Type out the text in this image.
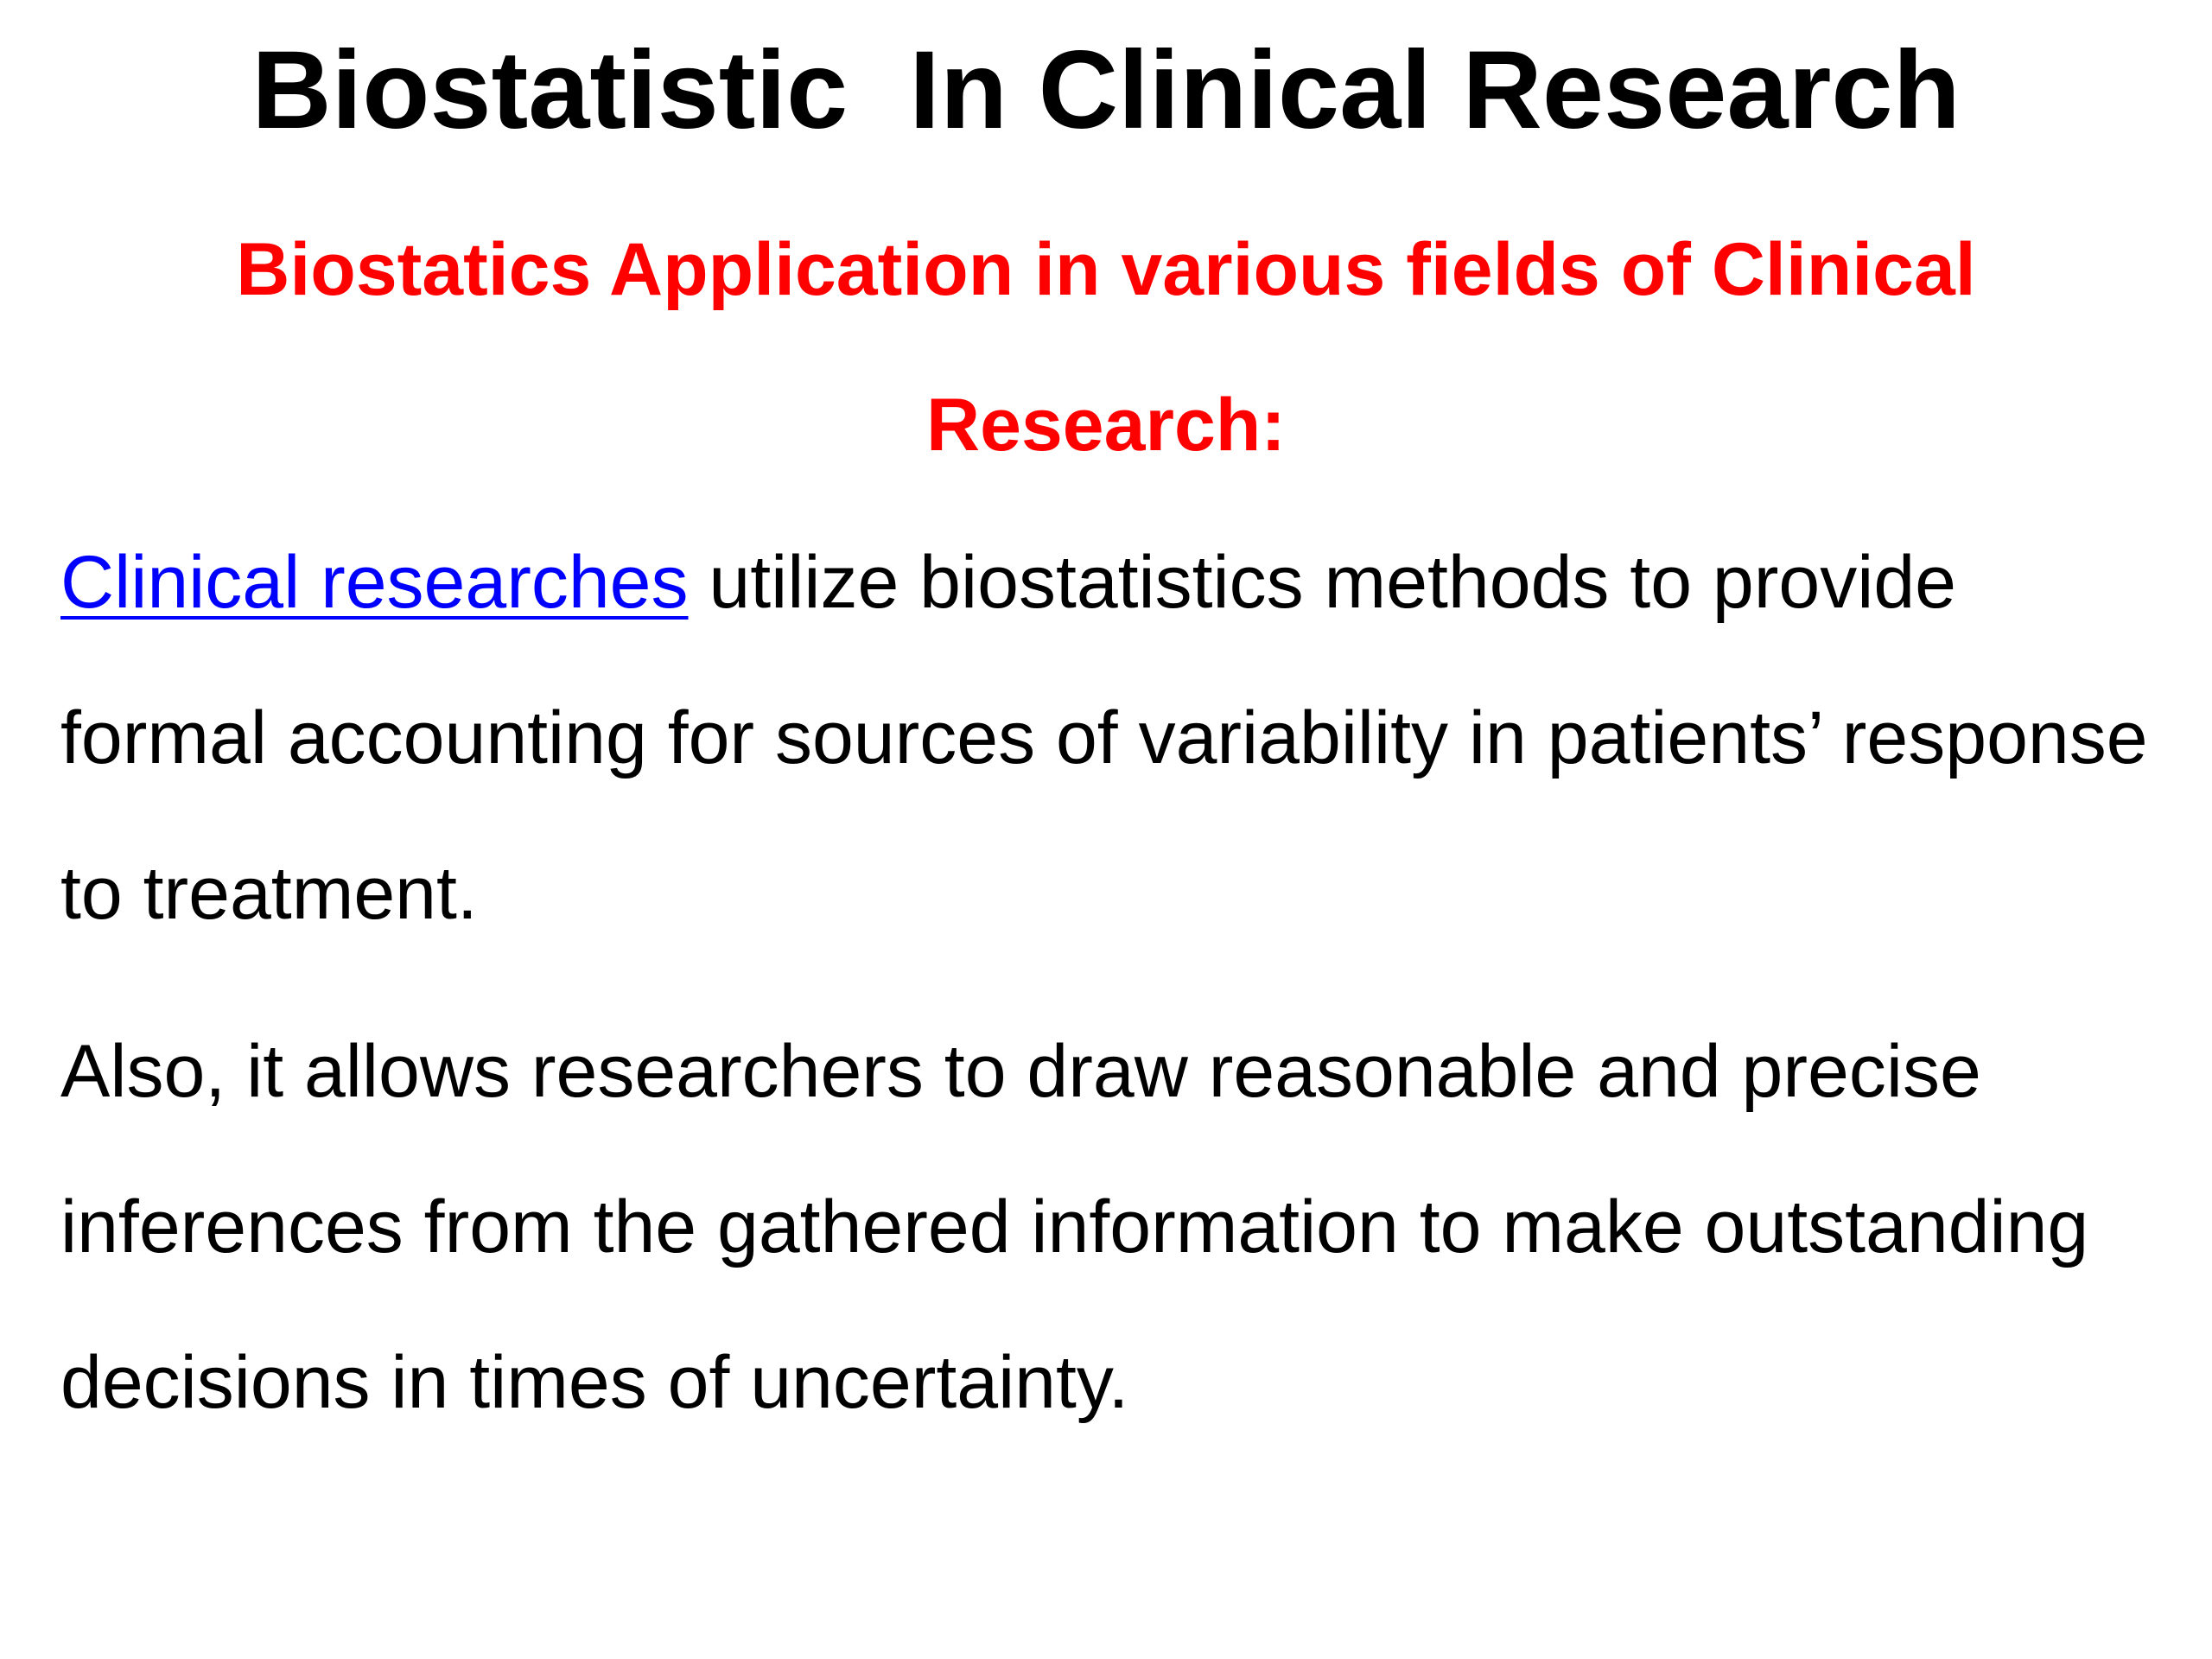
Biostatistic  In Clinical Research
Biostatics Application in various fields of Clinical Research:
Clinical researches utilize biostatistics methods to provide formal accounting for sources of variability in patients’ response to treatment.
Also, it allows researchers to draw reasonable and precise inferences from the gathered information to make outstanding decisions in times of uncertainty.
